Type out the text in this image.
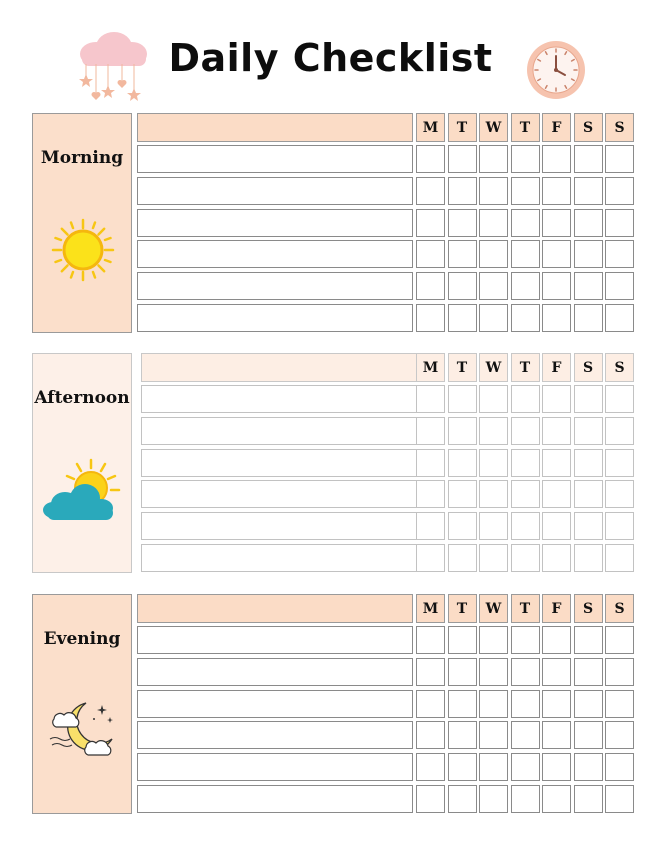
Daily Checklist
Morning
M	T	W	T	F	S	S
Afternoon
M	T	W	T	F	S	S
Evening
M	T	W	T	F	S	S
